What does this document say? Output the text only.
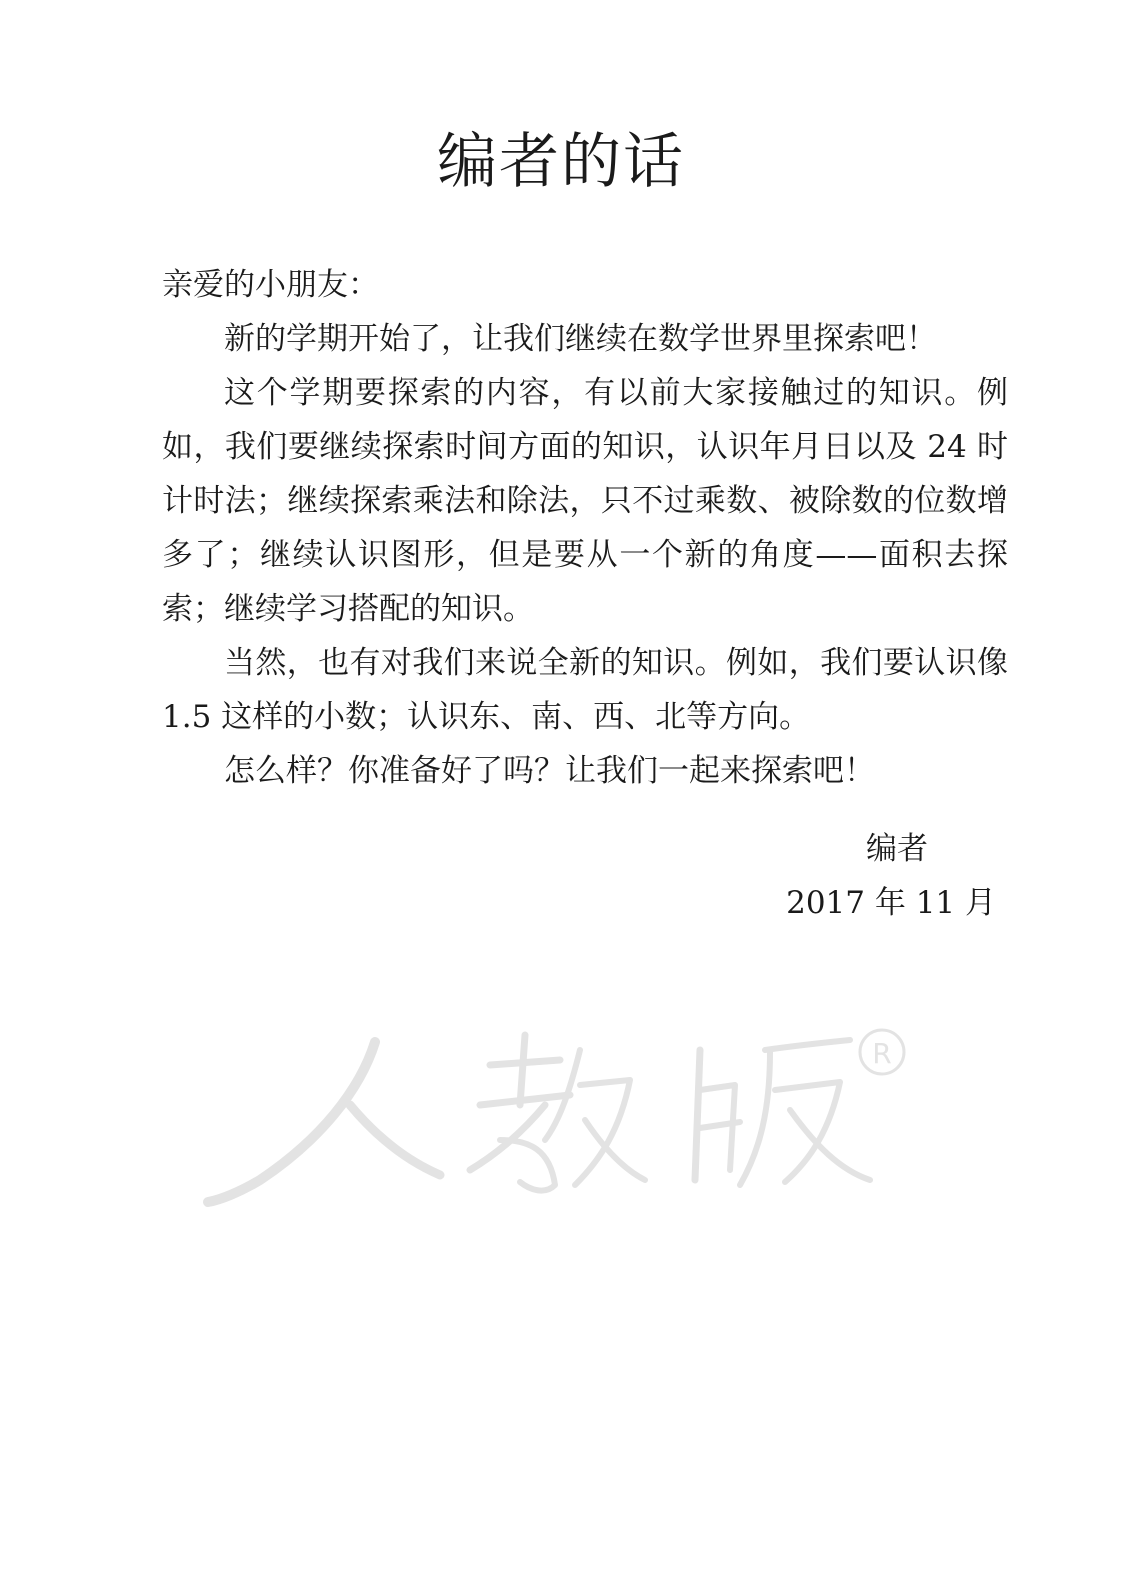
编者的话

亲爱的小朋友：

新的学期开始了，让我们继续在数学世界里探索吧！

这个学期要探索的内容，有以前大家接触过的知识。例如，我们要继续探索时间方面的知识，认识年月日以及 24 时计时法；继续探索乘法和除法，只不过乘数、被除数的位数增多了；继续认识图形，但是要从一个新的角度——面积去探索；继续学习搭配的知识。

当然，也有对我们来说全新的知识。例如，我们要认识像 1.5 这样的小数；认识东、南、西、北等方向。

怎么样？你准备好了吗？让我们一起来探索吧！

编者
2017 年 11 月
R
